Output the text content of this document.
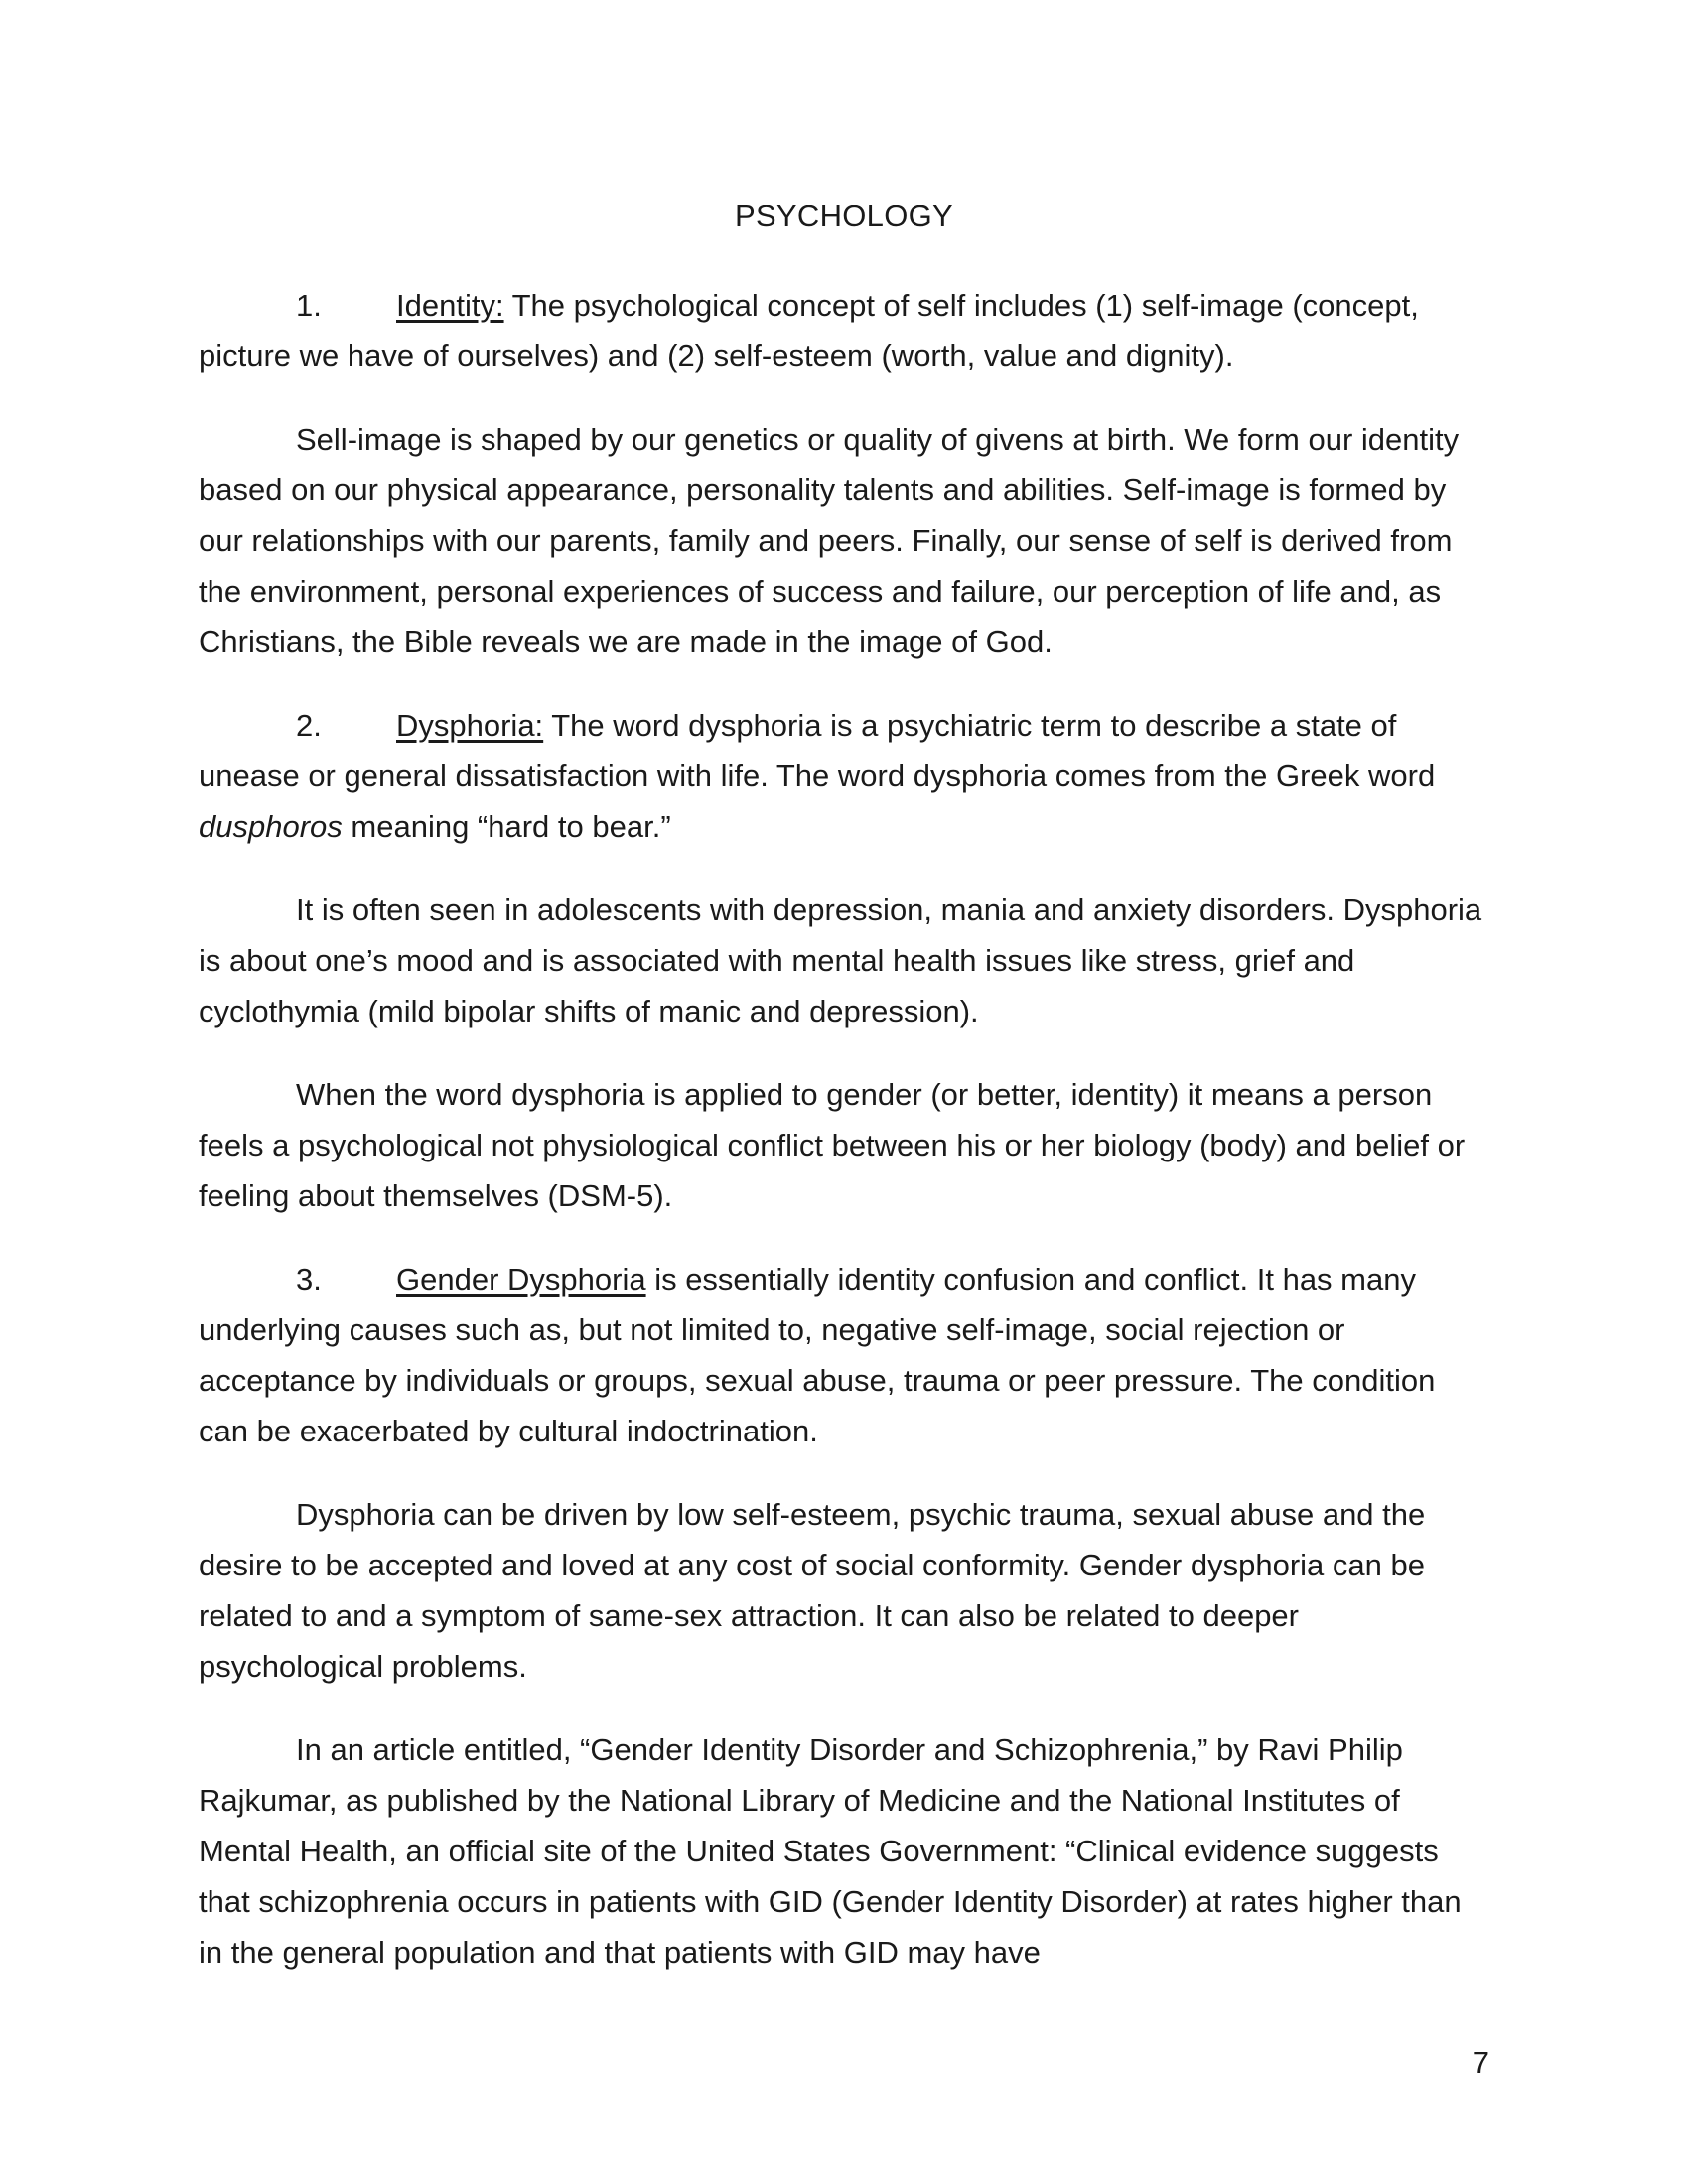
PSYCHOLOGY

1. Identity: The psychological concept of self includes (1) self-image (concept, picture we have of ourselves) and (2) self-esteem (worth, value and dignity).

Sell-image is shaped by our genetics or quality of givens at birth. We form our identity based on our physical appearance, personality talents and abilities. Self-image is formed by our relationships with our parents, family and peers. Finally, our sense of self is derived from the environment, personal experiences of success and failure, our perception of life and, as Christians, the Bible reveals we are made in the image of God.

2. Dysphoria: The word dysphoria is a psychiatric term to describe a state of unease or general dissatisfaction with life. The word dysphoria comes from the Greek word dusphoros meaning “hard to bear.”

It is often seen in adolescents with depression, mania and anxiety disorders. Dysphoria is about one’s mood and is associated with mental health issues like stress, grief and cyclothymia (mild bipolar shifts of manic and depression).

When the word dysphoria is applied to gender (or better, identity) it means a person feels a psychological not physiological conflict between his or her biology (body) and belief or feeling about themselves (DSM-5).

3. Gender Dysphoria is essentially identity confusion and conflict. It has many underlying causes such as, but not limited to, negative self-image, social rejection or acceptance by individuals or groups, sexual abuse, trauma or peer pressure. The condition can be exacerbated by cultural indoctrination.

Dysphoria can be driven by low self-esteem, psychic trauma, sexual abuse and the desire to be accepted and loved at any cost of social conformity. Gender dysphoria can be related to and a symptom of same-sex attraction. It can also be related to deeper psychological problems.

In an article entitled, “Gender Identity Disorder and Schizophrenia,” by Ravi Philip Rajkumar, as published by the National Library of Medicine and the National Institutes of Mental Health, an official site of the United States Government: “Clinical evidence suggests that schizophrenia occurs in patients with GID (Gender Identity Disorder) at rates higher than in the general population and that patients with GID may have

7
